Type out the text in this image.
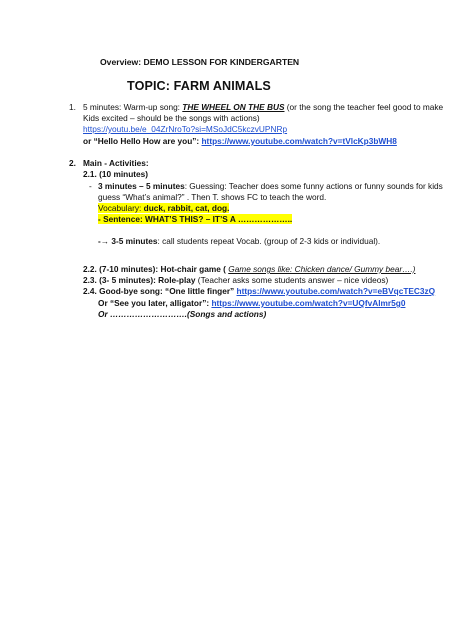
Overview: DEMO LESSON FOR KINDERGARTEN
TOPIC: FARM ANIMALS
1. 5 minutes: Warm-up song: THE WHEEL ON THE BUS (or the song the teacher feel good to make
Kids excited – should be the songs with actions)
https://youtu.be/e_04ZrNroTo?si=MSoJdC5kczvUPNRp
or “Hello Hello How are you”: https://www.youtube.com/watch?v=tVlcKp3bWH8
2. Main - Activities:
2.1. (10 minutes)
- 3 minutes – 5 minutes: Guessing: Teacher does some funny actions or funny sounds for kids
guess “What’s animal?” . Then T. shows FC to teach the word.
Vocabulary: duck, rabbit, cat, dog.
- Sentence: WHAT’S THIS? – IT’S A ………………..
-→ 3-5 minutes: call students repeat Vocab. (group of 2-3 kids or individual).
2.2. (7-10 minutes): Hot-chair game ( Game songs like: Chicken dance/ Gummy bear….)
2.3. (3- 5 minutes): Role-play (Teacher asks some students answer – nice videos)
2.4. Good-bye song: “One little finger” https://www.youtube.com/watch?v=eBVqcTEC3zQ
Or “See you later, alligator”: https://www.youtube.com/watch?v=UQfvAlmr5g0
Or ……………………….(Songs and actions)
